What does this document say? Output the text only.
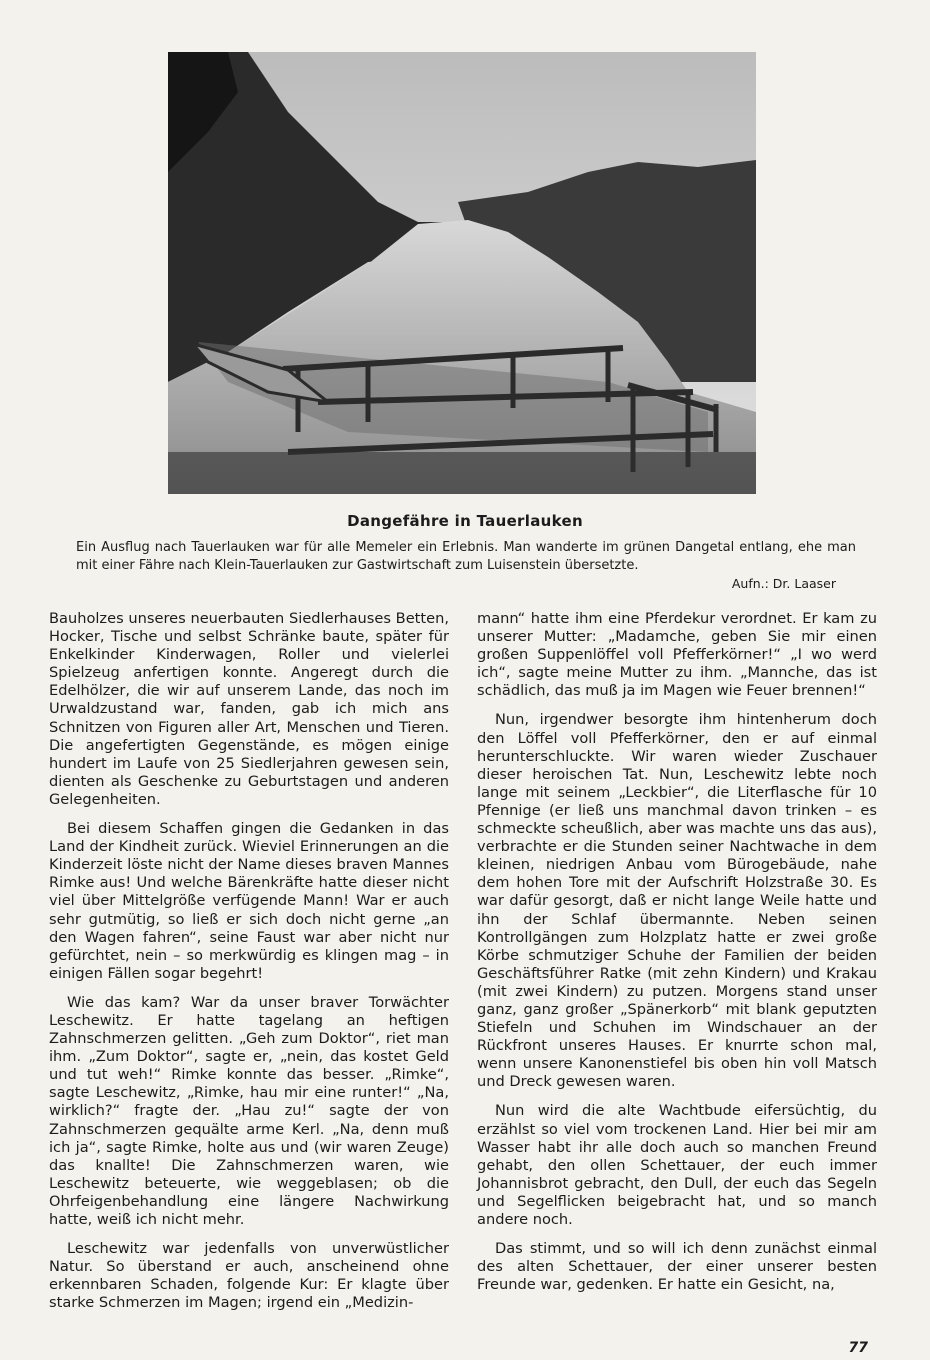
Dangefähre in Tauerlauken

Ein Ausflug nach Tauerlauken war für alle Memeler ein Erlebnis. Man wanderte im grünen Dangetal entlang, ehe man mit einer Fähre nach Klein-Tauerlauken zur Gastwirtschaft zum Luisenstein übersetzte.

Aufn.: Dr. Laaser

Bauholzes unseres neuerbauten Siedlerhauses Betten, Hocker, Tische und selbst Schränke baute, später für Enkelkinder Kinderwagen, Roller und vielerlei Spielzeug anfertigen konnte. Angeregt durch die Edelhölzer, die wir auf unserem Lande, das noch im Urwaldzustand war, fanden, gab ich mich ans Schnitzen von Figuren aller Art, Menschen und Tieren. Die angefertigten Gegenstände, es mögen einige hundert im Laufe von 25 Siedlerjahren gewesen sein, dienten als Geschenke zu Geburtstagen und anderen Gelegenheiten.

Bei diesem Schaffen gingen die Gedanken in das Land der Kindheit zurück. Wieviel Erinnerungen an die Kinderzeit löste nicht der Name dieses braven Mannes Rimke aus! Und welche Bärenkräfte hatte dieser nicht viel über Mittelgröße verfügende Mann! War er auch sehr gutmütig, so ließ er sich doch nicht gerne „an den Wagen fahren“, seine Faust war aber nicht nur gefürchtet, nein – so merkwürdig es klingen mag – in einigen Fällen sogar begehrt!

Wie das kam? War da unser braver Torwächter Leschewitz. Er hatte tagelang an heftigen Zahnschmerzen gelitten. „Geh zum Doktor“, riet man ihm. „Zum Doktor“, sagte er, „nein, das kostet Geld und tut weh!“ Rimke konnte das besser. „Rimke“, sagte Leschewitz, „Rimke, hau mir eine runter!“ „Na, wirklich?“ fragte der. „Hau zu!“ sagte der von Zahnschmerzen gequälte arme Kerl. „Na, denn muß ich ja“, sagte Rimke, holte aus und (wir waren Zeuge) das knallte! Die Zahnschmerzen waren, wie Leschewitz beteuerte, wie weggeblasen; ob die Ohrfeigenbehandlung eine längere Nachwirkung hatte, weiß ich nicht mehr.

Leschewitz war jedenfalls von unverwüstlicher Natur. So überstand er auch, anscheinend ohne erkennbaren Schaden, folgende Kur: Er klagte über starke Schmerzen im Magen; irgend ein „Medizin-

mann“ hatte ihm eine Pferdekur verordnet. Er kam zu unserer Mutter: „Madamche, geben Sie mir einen großen Suppenlöffel voll Pfefferkörner!“ „I wo werd ich“, sagte meine Mutter zu ihm. „Mannche, das ist schädlich, das muß ja im Magen wie Feuer brennen!“

Nun, irgendwer besorgte ihm hintenherum doch den Löffel voll Pfefferkörner, den er auf einmal herunterschluckte. Wir waren wieder Zuschauer dieser heroischen Tat. Nun, Leschewitz lebte noch lange mit seinem „Leckbier“, die Literflasche für 10 Pfennige (er ließ uns manchmal davon trinken – es schmeckte scheußlich, aber was machte uns das aus), verbrachte er die Stunden seiner Nachtwache in dem kleinen, niedrigen Anbau vom Bürogebäude, nahe dem hohen Tore mit der Aufschrift Holzstraße 30. Es war dafür gesorgt, daß er nicht lange Weile hatte und ihn der Schlaf übermannte. Neben seinen Kontrollgängen zum Holzplatz hatte er zwei große Körbe schmutziger Schuhe der Familien der beiden Geschäftsführer Ratke (mit zehn Kindern) und Krakau (mit zwei Kindern) zu putzen. Morgens stand unser ganz, ganz großer „Spänerkorb“ mit blank geputzten Stiefeln und Schuhen im Windschauer an der Rückfront unseres Hauses. Er knurrte schon mal, wenn unsere Kanonenstiefel bis oben hin voll Matsch und Dreck gewesen waren.

Nun wird die alte Wachtbude eifersüchtig, du erzählst so viel vom trockenen Land. Hier bei mir am Wasser habt ihr alle doch auch so manchen Freund gehabt, den ollen Schettauer, der euch immer Johannisbrot gebracht, den Dull, der euch das Segeln und Segelflicken beigebracht hat, und so manch andere noch.

Das stimmt, und so will ich denn zunächst einmal des alten Schettauer, der einer unserer besten Freunde war, gedenken. Er hatte ein Gesicht, na,

77
